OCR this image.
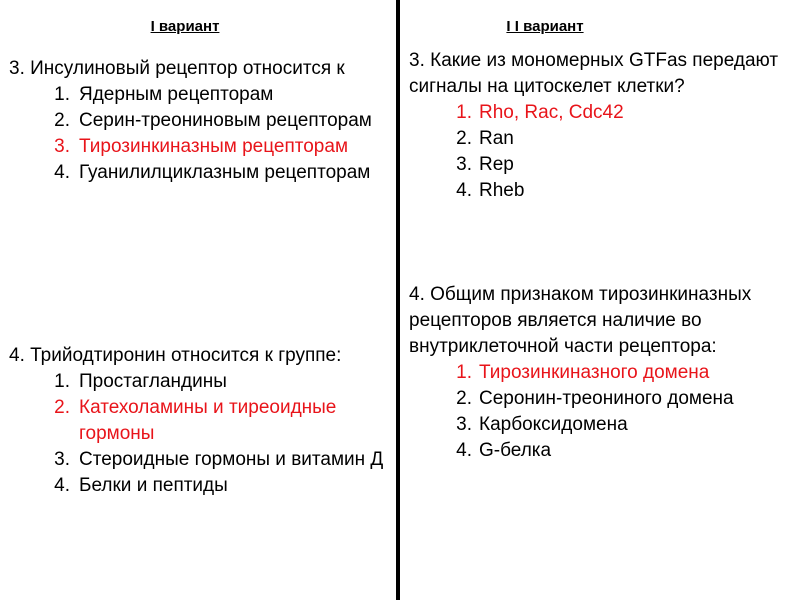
I вариант	I I вариант

3. Инсулиновый рецептор относится к

1. Ядерным рецепторам
2. Серин-треониновым рецепторам
3. Тирозинкиназным рецепторам
4. Гуанилилциклазным рецепторам

4. Трийодтиронин относится к группе:

1. Простагландины
2. Катехоламины и тиреоидные гормоны
3. Стероидные гормоны и витамин Д
4. Белки и пептиды

3. Какие из мономерных GTFas передают сигналы на цитоскелет клетки?

1. Rho, Rac, Cdc42
2. Ran
3. Rep
4. Rheb

4. Общим признаком тирозинкиназных рецепторов является наличие во внутриклеточной части рецептора:

1. Тирозинкиназного домена
2. Серонин-треониного домена
3. Карбоксидомена
4. G-белка
